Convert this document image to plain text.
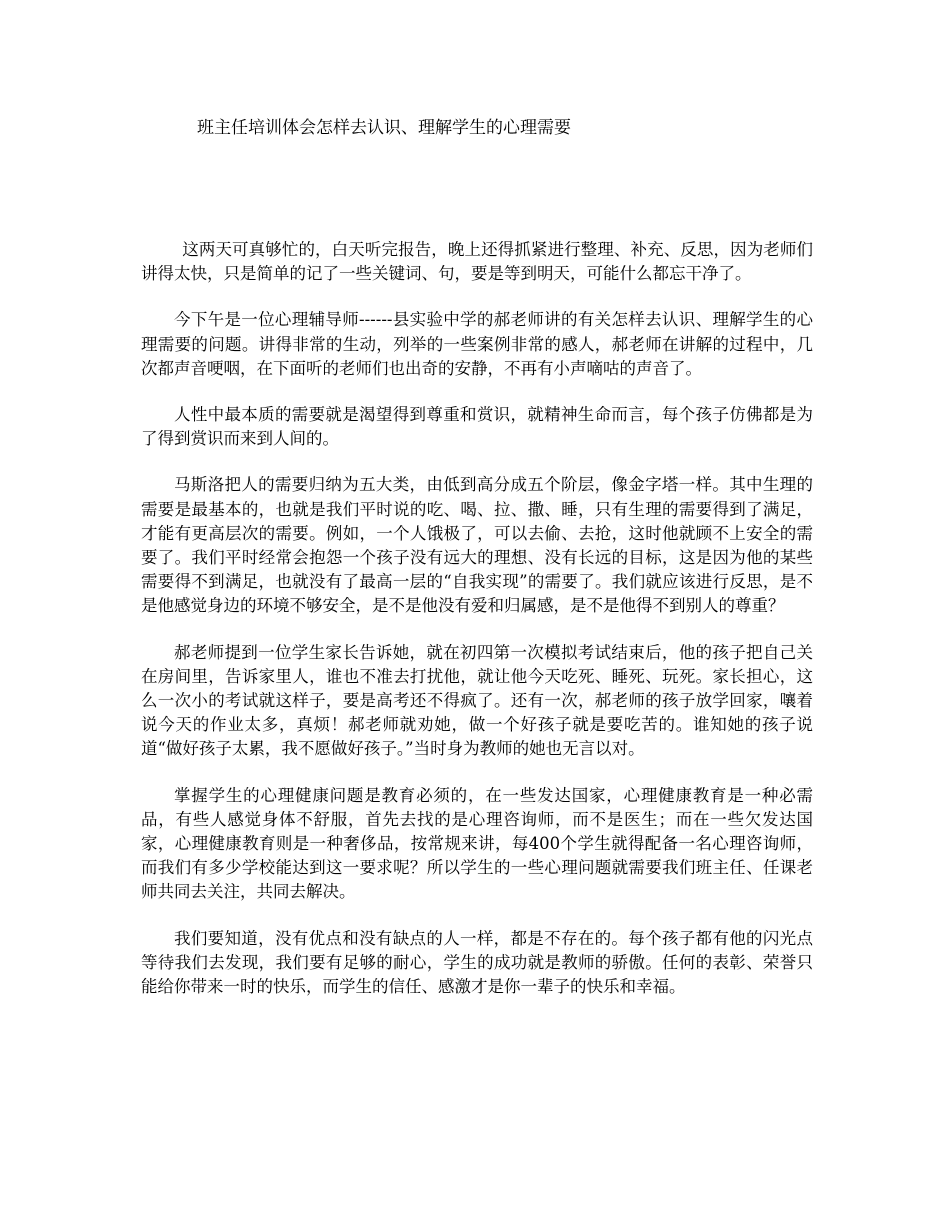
班主任培训体会怎样去认识、理解学生的心理需要

这两天可真够忙的，白天听完报告，晚上还得抓紧进行整理、补充、反思，因为老师们讲得太快，只是简单的记了一些关键词、句，要是等到明天，可能什么都忘干净了。

今下午是一位心理辅导师------县实验中学的郝老师讲的有关怎样去认识、理解学生的心理需要的问题。讲得非常的生动，列举的一些案例非常的感人，郝老师在讲解的过程中，几次都声音哽咽，在下面听的老师们也出奇的安静，不再有小声嘀咕的声音了。

人性中最本质的需要就是渴望得到尊重和赏识，就精神生命而言，每个孩子仿佛都是为了得到赏识而来到人间的。

马斯洛把人的需要归纳为五大类，由低到高分成五个阶层，像金字塔一样。其中生理的需要是最基本的，也就是我们平时说的吃、喝、拉、撒、睡，只有生理的需要得到了满足，才能有更高层次的需要。例如，一个人饿极了，可以去偷、去抢，这时他就顾不上安全的需要了。我们平时经常会抱怨一个孩子没有远大的理想、没有长远的目标，这是因为他的某些需要得不到满足，也就没有了最高一层的“自我实现”的需要了。我们就应该进行反思，是不是他感觉身边的环境不够安全，是不是他没有爱和归属感，是不是他得不到别人的尊重？

郝老师提到一位学生家长告诉她，就在初四第一次模拟考试结束后，他的孩子把自己关在房间里，告诉家里人，谁也不准去打扰他，就让他今天吃死、睡死、玩死。家长担心，这么一次小的考试就这样子，要是高考还不得疯了。还有一次，郝老师的孩子放学回家，嚷着说今天的作业太多，真烦！郝老师就劝她，做一个好孩子就是要吃苦的。谁知她的孩子说道“做好孩子太累，我不愿做好孩子。”当时身为教师的她也无言以对。

掌握学生的心理健康问题是教育必须的，在一些发达国家，心理健康教育是一种必需品，有些人感觉身体不舒服，首先去找的是心理咨询师，而不是医生；而在一些欠发达国家，心理健康教育则是一种奢侈品，按常规来讲，每400个学生就得配备一名心理咨询师，而我们有多少学校能达到这一要求呢？所以学生的一些心理问题就需要我们班主任、任课老师共同去关注，共同去解决。

我们要知道，没有优点和没有缺点的人一样，都是不存在的。每个孩子都有他的闪光点等待我们去发现，我们要有足够的耐心，学生的成功就是教师的骄傲。任何的表彰、荣誉只能给你带来一时的快乐，而学生的信任、感激才是你一辈子的快乐和幸福。
